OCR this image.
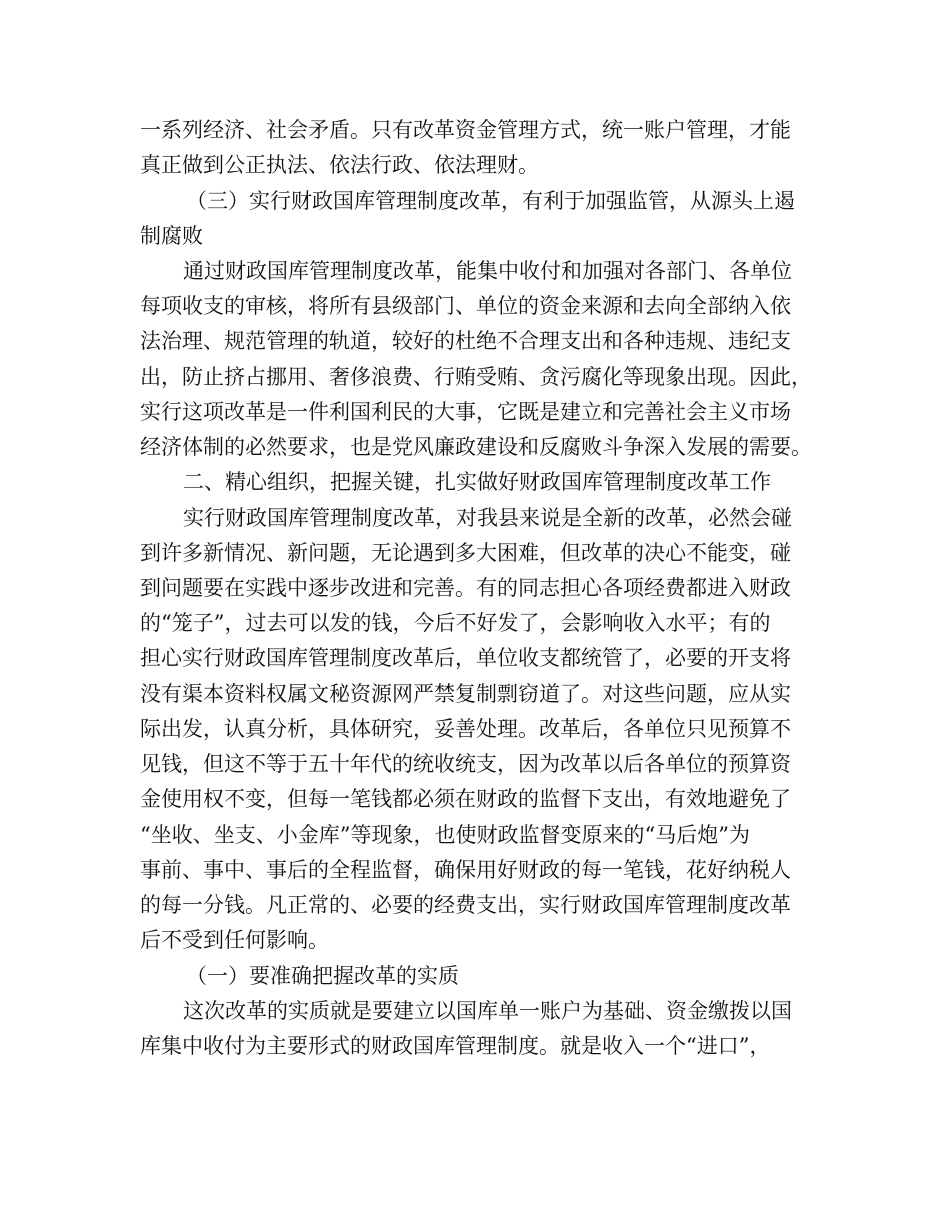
一系列经济、社会矛盾。只有改革资金管理方式，统一账户管理，才能
真正做到公正执法、依法行政、依法理财。
（三）实行财政国库管理制度改革，有利于加强监管，从源头上遏
制腐败
通过财政国库管理制度改革，能集中收付和加强对各部门、各单位
每项收支的审核，将所有县级部门、单位的资金来源和去向全部纳入依
法治理、规范管理的轨道，较好的杜绝不合理支出和各种违规、违纪支
出，防止挤占挪用、奢侈浪费、行贿受贿、贪污腐化等现象出现。因此，
实行这项改革是一件利国利民的大事，它既是建立和完善社会主义市场
经济体制的必然要求，也是党风廉政建设和反腐败斗争深入发展的需要。
二、精心组织，把握关键，扎实做好财政国库管理制度改革工作
实行财政国库管理制度改革，对我县来说是全新的改革，必然会碰
到许多新情况、新问题，无论遇到多大困难，但改革的决心不能变，碰
到问题要在实践中逐步改进和完善。有的同志担心各项经费都进入财政
的“笼子”，过去可以发的钱，今后不好发了，会影响收入水平；有的
担心实行财政国库管理制度改革后，单位收支都统管了，必要的开支将
没有渠本资料权属文秘资源网严禁复制剽窃道了。对这些问题，应从实
际出发，认真分析，具体研究，妥善处理。改革后，各单位只见预算不
见钱，但这不等于五十年代的统收统支，因为改革以后各单位的预算资
金使用权不变，但每一笔钱都必须在财政的监督下支出，有效地避免了
“坐收、坐支、小金库”等现象，也使财政监督变原来的“马后炮”为
事前、事中、事后的全程监督，确保用好财政的每一笔钱，花好纳税人
的每一分钱。凡正常的、必要的经费支出，实行财政国库管理制度改革
后不受到任何影响。
（一）要准确把握改革的实质
这次改革的实质就是要建立以国库单一账户为基础、资金缴拨以国
库集中收付为主要形式的财政国库管理制度。就是收入一个“进口”，
